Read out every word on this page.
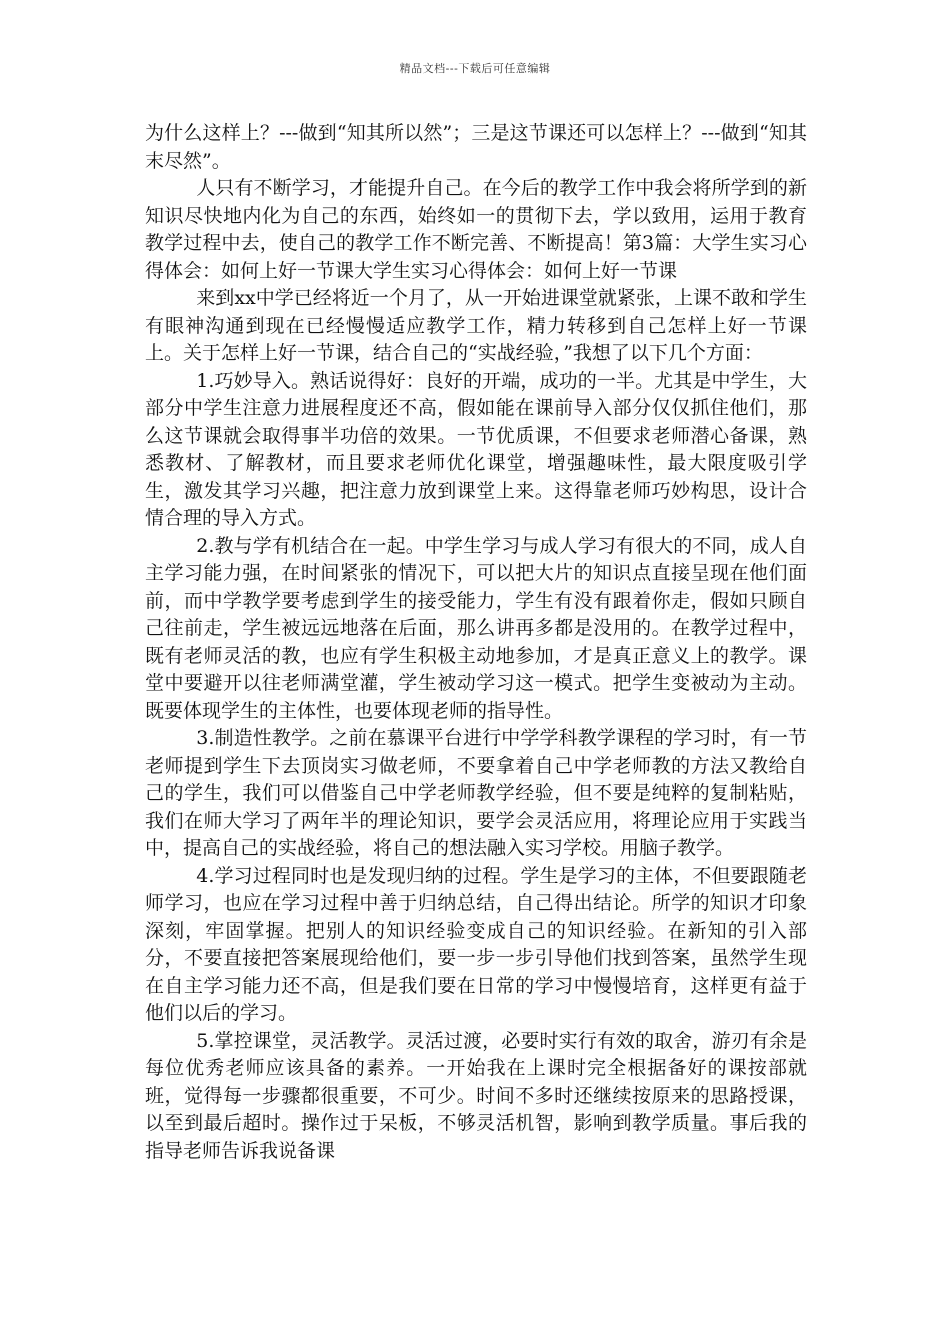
精品文档---下载后可任意编辑

为什么这样上？---做到“知其所以然”；三是这节课还可以怎样上？---做到“知其末尽然”。

人只有不断学习，才能提升自己。在今后的教学工作中我会将所学到的新知识尽快地内化为自己的东西，始终如一的贯彻下去，学以致用，运用于教育教学过程中去，使自己的教学工作不断完善、不断提高！第3篇：大学生实习心得体会：如何上好一节课大学生实习心得体会：如何上好一节课

来到xx中学已经将近一个月了，从一开始进课堂就紧张，上课不敢和学生有眼神沟通到现在已经慢慢适应教学工作，精力转移到自己怎样上好一节课上。关于怎样上好一节课，结合自己的“实战经验，”我想了以下几个方面：

1.巧妙导入。熟话说得好：良好的开端，成功的一半。尤其是中学生，大部分中学生注意力进展程度还不高，假如能在课前导入部分仅仅抓住他们，那么这节课就会取得事半功倍的效果。一节优质课，不但要求老师潜心备课，熟悉教材、了解教材，而且要求老师优化课堂，增强趣味性，最大限度吸引学生，激发其学习兴趣，把注意力放到课堂上来。这得靠老师巧妙构思，设计合情合理的导入方式。

2.教与学有机结合在一起。中学生学习与成人学习有很大的不同，成人自主学习能力强，在时间紧张的情况下，可以把大片的知识点直接呈现在他们面前，而中学教学要考虑到学生的接受能力，学生有没有跟着你走，假如只顾自己往前走，学生被远远地落在后面，那么讲再多都是没用的。在教学过程中，既有老师灵活的教，也应有学生积极主动地参加，才是真正意义上的教学。课堂中要避开以往老师满堂灌，学生被动学习这一模式。把学生变被动为主动。既要体现学生的主体性，也要体现老师的指导性。

3.制造性教学。之前在慕课平台进行中学学科教学课程的学习时，有一节老师提到学生下去顶岗实习做老师，不要拿着自己中学老师教的方法又教给自己的学生，我们可以借鉴自己中学老师教学经验，但不要是纯粹的复制粘贴，我们在师大学习了两年半的理论知识，要学会灵活应用，将理论应用于实践当中，提高自己的实战经验，将自己的想法融入实习学校。用脑子教学。

4.学习过程同时也是发现归纳的过程。学生是学习的主体，不但要跟随老师学习，也应在学习过程中善于归纳总结，自己得出结论。所学的知识才印象深刻，牢固掌握。把别人的知识经验变成自己的知识经验。在新知的引入部分，不要直接把答案展现给他们，要一步一步引导他们找到答案，虽然学生现在自主学习能力还不高，但是我们要在日常的学习中慢慢培育，这样更有益于他们以后的学习。

5.掌控课堂，灵活教学。灵活过渡，必要时实行有效的取舍，游刃有余是每位优秀老师应该具备的素养。一开始我在上课时完全根据备好的课按部就班，觉得每一步骤都很重要，不可少。时间不多时还继续按原来的思路授课，以至到最后超时。操作过于呆板，不够灵活机智，影响到教学质量。事后我的指导老师告诉我说备课
